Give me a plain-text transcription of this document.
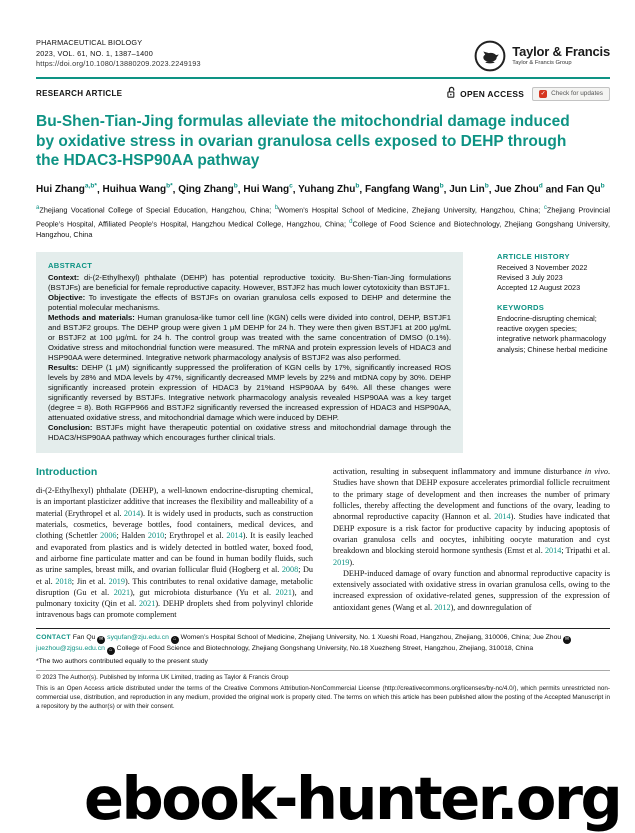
PHARMACEUTICAL BIOLOGY
2023, VOL. 61, NO. 1, 1387–1400
https://doi.org/10.1080/13880209.2023.2249193
Taylor & Francis
Taylor & Francis Group
RESEARCH ARTICLE	OPEN ACCESS	✓ Check for updates
Bu-Shen-Tian-Jing formulas alleviate the mitochondrial damage induced by oxidative stress in ovarian granulosa cells exposed to DEHP through the HDAC3-HSP90AA pathway

Hui Zhang$^{a,b*}$, Huihua Wang$^{b*}$, Qing Zhang$^b$, Hui Wang$^c$, Yuhang Zhu$^b$, Fangfang Wang$^b$, Jun Lin$^b$, Jue Zhou$^d$ and Fan Qu$^b$

$^a$Zhejiang Vocational College of Special Education, Hangzhou, China; $^b$Women’s Hospital School of Medicine, Zhejiang University, Hangzhou, China; $^c$Zhejiang Provincial People’s Hospital, Affiliated People’s Hospital, Hangzhou Medical College, Hangzhou, China; $^d$College of Food Science and Biotechnology, Zhejiang Gongshang University, Hangzhou, China

ABSTRACT

Context: di-(2-Ethylhexyl) phthalate (DEHP) has potential reproductive toxicity. Bu-Shen-Tian-Jing formulations (BSTJFs) are beneficial for female reproductive capacity. However, BSTJF2 has much lower cytotoxicity than BSTJF1.

Objective: To investigate the effects of BSTJFs on ovarian granulosa cells exposed to DEHP and determine the potential molecular mechanisms.

Methods and materials: Human granulosa-like tumor cell line (KGN) cells were divided into control, DEHP, BSTJF1 and BSTJF2 groups. The DEHP group were given 1 μM DEHP for 24 h. They were then given BSTJF1 at 200 μg/mL or BSTJF2 at 100 μg/mL for 24 h. The control group was treated with the same concentration of DMSO (0.1%). Oxidative stress and mitochondrial function were measured. The mRNA and protein expression levels of HDAC3 and HSP90AA were determined. Integrative network pharmacology analysis of BSTJF2 was also performed.

Results: DEHP (1 μM) significantly suppressed the proliferation of KGN cells by 17%, significantly increased ROS levels by 28% and MDA levels by 47%, significantly decreased MMP levels by 22% and mtDNA copy by 30%. DEHP significantly increased protein expression of HDAC3 by 21%and HSP90AA by 64%. All these changes were significantly reversed by BSTJFs. Integrative network pharmacology analysis revealed HSP90AA was a key target (degree = 8). Both RGFP966 and BSTJF2 significantly reversed the increased expression of HDAC3 and HSP90AA, attenuated oxidative stress, and mitochondrial damage which were induced by DEHP.

Conclusion: BSTJFs might have therapeutic potential on oxidative stress and mitochondrial damage through the HDAC3/HSP90AA pathway which encourages further clinical trials.

ARTICLE HISTORY
Received 3 November 2022
Revised 3 July 2023
Accepted 12 August 2023
KEYWORDS
Endocrine-disrupting chemical; reactive oxygen species; integrative network pharmacology analysis; Chinese herbal medicine
Introduction

di-(2-Ethylhexyl) phthalate (DEHP), a well-known endocrine-disrupting chemical, is an important plasticizer additive that increases the flexibility and malleability of a material (Erythropel et al. 2014). It is widely used in products, such as construction materials, cosmetics, beverage bottles, food containers, medical devices, and clothing (Schettler 2006; Halden 2010; Erythropel et al. 2014). It is easily leached and evaporated from plastics and is widely detected in bottled water, boxed food, and airborne fine particulate matter and can be found in human bodily fluids, such as urine samples, breast milk, and ovarian follicular fluid (Hogberg et al. 2008; Du et al. 2018; Jin et al. 2019). This contributes to renal oxidative damage, metabolic disruption (Gu et al. 2021), gut microbiota disturbance (Yu et al. 2021), and pulmonary toxicity (Qin et al. 2021). DEHP droplets shed from polyvinyl chloride intravenous bags can promote complement

activation, resulting in subsequent inflammatory and immune disturbance in vivo. Studies have shown that DEHP exposure accelerates primordial follicle recruitment to the primary stage of development and then increases the number of primary follicles, thereby affecting the development and functions of the ovary, leading to abnormal reproductive capacity (Hannon et al. 2014). Studies have indicated that DEHP exposure is a risk factor for productive capacity by inducing apoptosis of ovarian granulosa cells and oocytes, inhibiting oocyte maturation and cyst breakdown and blocking steroid hormone synthesis (Ernst et al. 2014; Tripathi et al. 2019).

DEHP-induced damage of ovary function and abnormal reproductive capacity is extensively associated with oxidative stress in ovarian granulosa cells, owing to the increased expression of oxidative-related genes, suppression of the expression of antioxidant genes (Wang et al. 2012), and downregulation of

CONTACT Fan Qu ✉ syqufan@zju.edu.cn ⌂ Women’s Hospital School of Medicine, Zhejiang University, No. 1 Xueshi Road, Hangzhou, Zhejiang, 310006, China; Jue Zhou ✉ juezhou@zjgsu.edu.cn ⌂ College of Food Science and Biotechnology, Zhejiang Gongshang University, No.18 Xuezheng Street, Hangzhou, Zhejiang, 310018, China

*The two authors contributed equally to the present study

© 2023 The Author(s). Published by Informa UK Limited, trading as Taylor & Francis Group

This is an Open Access article distributed under the terms of the Creative Commons Attribution-NonCommercial License (http://creativecommons.org/licenses/by-nc/4.0/), which permits unrestricted non-commercial use, distribution, and reproduction in any medium, provided the original work is properly cited. The terms on which this article has been published allow the posting of the Accepted Manuscript in a repository by the author(s) or with their consent.

ebook-hunter.org
